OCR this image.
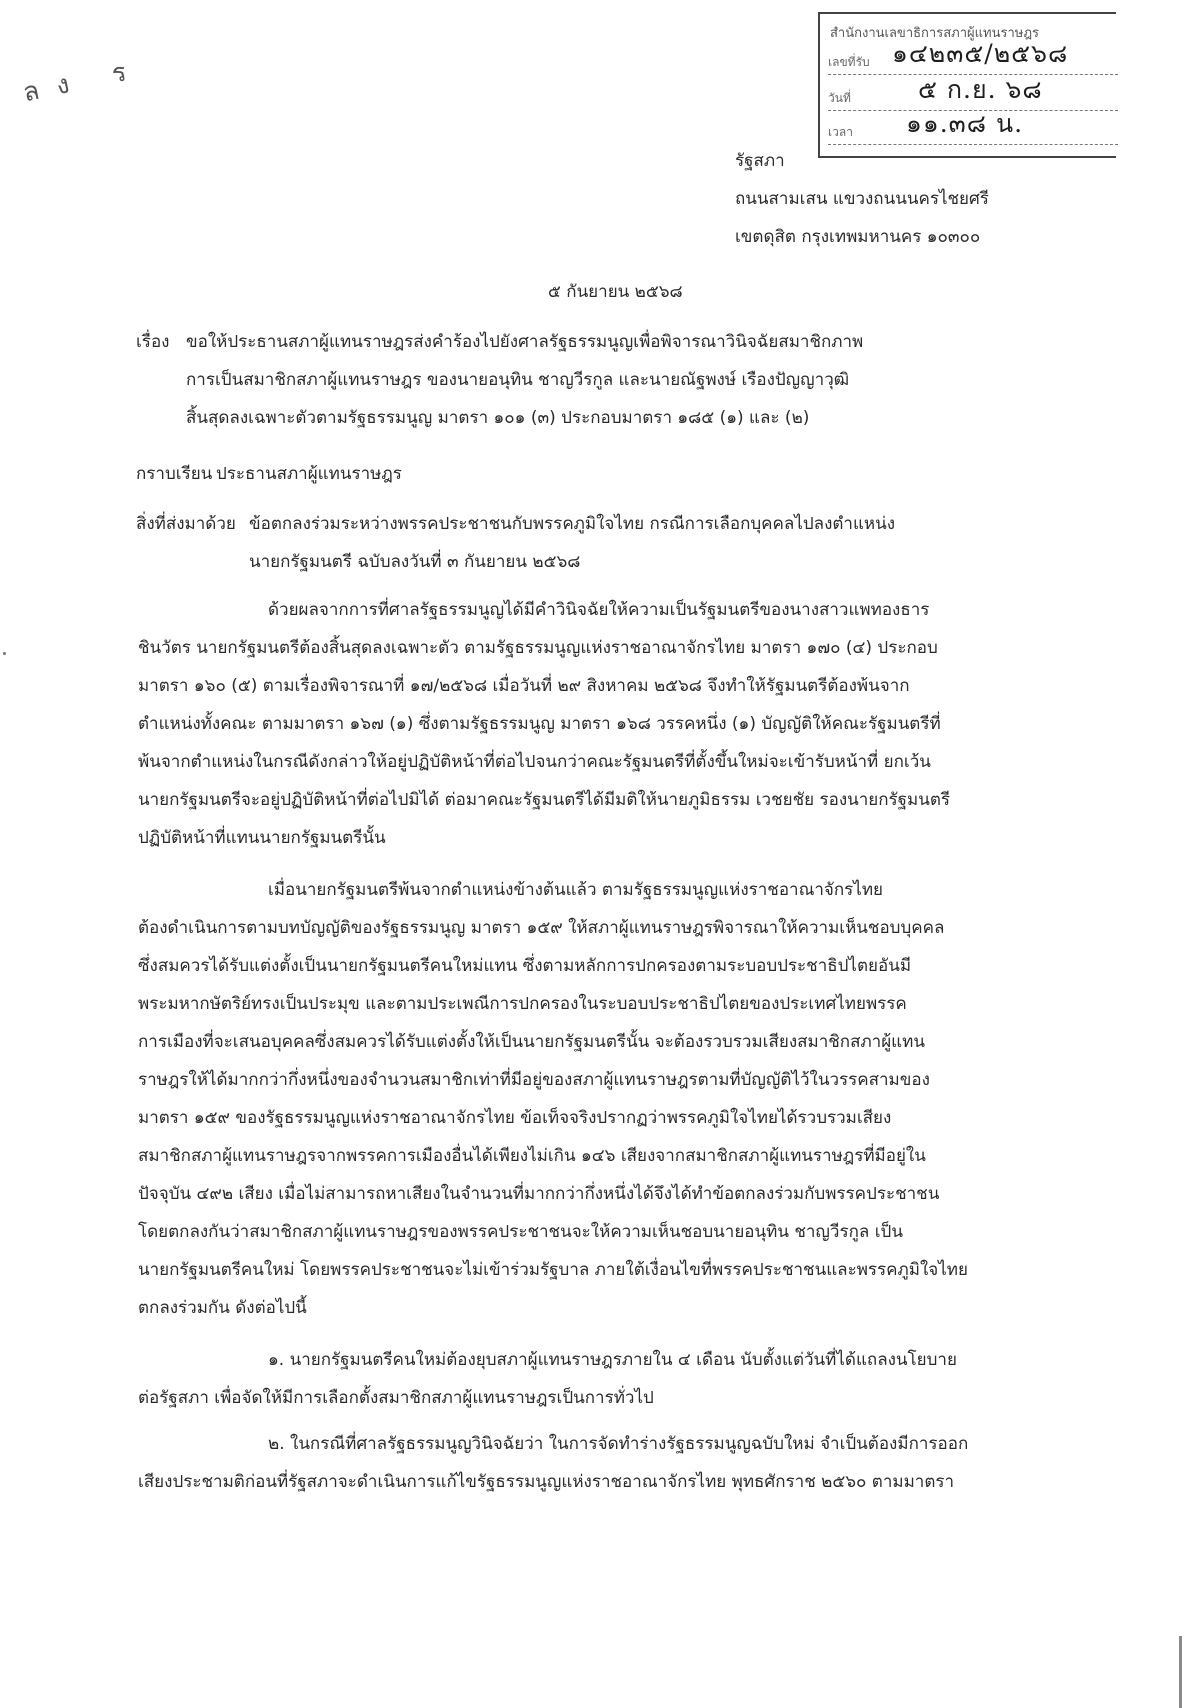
ลง ร
สำนักงานเลขาธิการสภาผู้แทนราษฎร
เลขที่รับ ๑๔๒๓๕/๒๕๖๘
วันที่	๕ ก.ย. ๖๘
เวลา ๑๑.๓๘ น.
รัฐสภา
ถนนสามเสน แขวงถนนนครไชยศรี
เขตดุสิต กรุงเทพมหานคร ๑๐๓๐๐
๕ กันยายน ๒๕๖๘
เรื่อง ขอให้ประธานสภาผู้แทนราษฎรส่งคำร้องไปยังศาลรัฐธรรมนูญเพื่อพิจารณาวินิจฉัยสมาชิกภาพ
การเป็นสมาชิกสภาผู้แทนราษฎร ของนายอนุทิน ชาญวีรกูล และนายณัฐพงษ์ เรืองปัญญาวุฒิ
สิ้นสุดลงเฉพาะตัวตามรัฐธรรมนูญ มาตรา ๑๐๑ (๓) ประกอบมาตรา ๑๘๕ (๑) และ (๒)
กราบเรียน ประธานสภาผู้แทนราษฎร
สิ่งที่ส่งมาด้วย ข้อตกลงร่วมระหว่างพรรคประชาชนกับพรรคภูมิใจไทย กรณีการเลือกบุคคลไปลงตำแหน่ง
นายกรัฐมนตรี ฉบับลงวันที่ ๓ กันยายน ๒๕๖๘
ด้วยผลจากการที่ศาลรัฐธรรมนูญได้มีคำวินิจฉัยให้ความเป็นรัฐมนตรีของนางสาวแพทองธาร
ชินวัตร นายกรัฐมนตรีต้องสิ้นสุดลงเฉพาะตัว ตามรัฐธรรมนูญแห่งราชอาณาจักรไทย มาตรา ๑๗๐ (๔) ประกอบ
มาตรา ๑๖๐ (๕) ตามเรื่องพิจารณาที่ ๑๗/๒๕๖๘ เมื่อวันที่ ๒๙ สิงหาคม ๒๕๖๘ จึงทำให้รัฐมนตรีต้องพ้นจาก
ตำแหน่งทั้งคณะ ตามมาตรา ๑๖๗ (๑) ซึ่งตามรัฐธรรมนูญ มาตรา ๑๖๘ วรรคหนึ่ง (๑) บัญญัติให้คณะรัฐมนตรีที่
พ้นจากตำแหน่งในกรณีดังกล่าวให้อยู่ปฏิบัติหน้าที่ต่อไปจนกว่าคณะรัฐมนตรีที่ตั้งขึ้นใหม่จะเข้ารับหน้าที่ ยกเว้น
นายกรัฐมนตรีจะอยู่ปฏิบัติหน้าที่ต่อไปมิได้ ต่อมาคณะรัฐมนตรีได้มีมติให้นายภูมิธรรม เวชยชัย รองนายกรัฐมนตรี
ปฏิบัติหน้าที่แทนนายกรัฐมนตรีนั้น
เมื่อนายกรัฐมนตรีพ้นจากตำแหน่งข้างต้นแล้ว ตามรัฐธรรมนูญแห่งราชอาณาจักรไทย
ต้องดำเนินการตามบทบัญญัติของรัฐธรรมนูญ มาตรา ๑๕๙ ให้สภาผู้แทนราษฎรพิจารณาให้ความเห็นชอบบุคคล
ซึ่งสมควรได้รับแต่งตั้งเป็นนายกรัฐมนตรีคนใหม่แทน ซึ่งตามหลักการปกครองตามระบอบประชาธิปไตยอันมี
พระมหากษัตริย์ทรงเป็นประมุข และตามประเพณีการปกครองในระบอบประชาธิปไตยของประเทศไทยพรรค
การเมืองที่จะเสนอบุคคลซึ่งสมควรได้รับแต่งตั้งให้เป็นนายกรัฐมนตรีนั้น จะต้องรวบรวมเสียงสมาชิกสภาผู้แทน
ราษฎรให้ได้มากกว่ากึ่งหนึ่งของจำนวนสมาชิกเท่าที่มีอยู่ของสภาผู้แทนราษฎรตามที่บัญญัติไว้ในวรรคสามของ
มาตรา ๑๕๙ ของรัฐธรรมนูญแห่งราชอาณาจักรไทย ข้อเท็จจริงปรากฏว่าพรรคภูมิใจไทยได้รวบรวมเสียง
สมาชิกสภาผู้แทนราษฎรจากพรรคการเมืองอื่นได้เพียงไม่เกิน ๑๔๖ เสียงจากสมาชิกสภาผู้แทนราษฎรที่มีอยู่ใน
ปัจจุบัน ๔๙๒ เสียง เมื่อไม่สามารถหาเสียงในจำนวนที่มากกว่ากึ่งหนึ่งได้จึงได้ทำข้อตกลงร่วมกับพรรคประชาชน
โดยตกลงกันว่าสมาชิกสภาผู้แทนราษฎรของพรรคประชาชนจะให้ความเห็นชอบนายอนุทิน ชาญวีรกูล เป็น
นายกรัฐมนตรีคนใหม่ โดยพรรคประชาชนจะไม่เข้าร่วมรัฐบาล ภายใต้เงื่อนไขที่พรรคประชาชนและพรรคภูมิใจไทย
ตกลงร่วมกัน ดังต่อไปนี้
๑. นายกรัฐมนตรีคนใหม่ต้องยุบสภาผู้แทนราษฎรภายใน ๔ เดือน นับตั้งแต่วันที่ได้แถลงนโยบาย
ต่อรัฐสภา เพื่อจัดให้มีการเลือกตั้งสมาชิกสภาผู้แทนราษฎรเป็นการทั่วไป
๒. ในกรณีที่ศาลรัฐธรรมนูญวินิจฉัยว่า ในการจัดทำร่างรัฐธรรมนูญฉบับใหม่ จำเป็นต้องมีการออก
เสียงประชามติก่อนที่รัฐสภาจะดำเนินการแก้ไขรัฐธรรมนูญแห่งราชอาณาจักรไทย พุทธศักราช ๒๕๖๐ ตามมาตรา
